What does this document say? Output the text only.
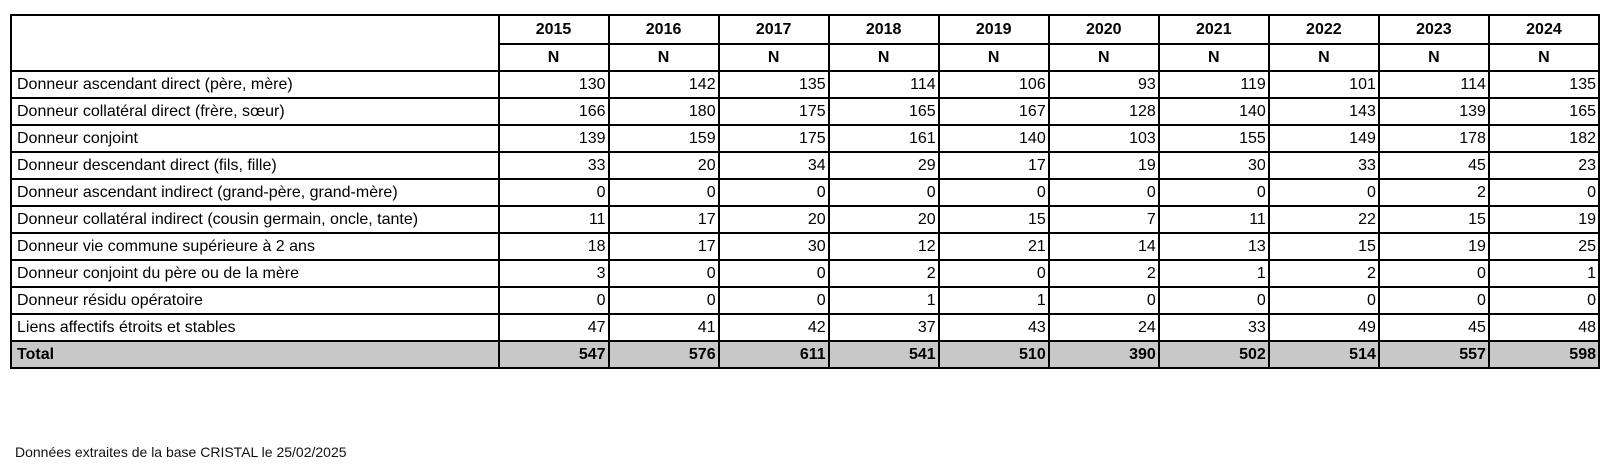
	2015	2016	2017	2018	2019	2020	2021	2022	2023	2024
	N	N	N	N	N	N	N	N	N	N
Donneur ascendant direct (père, mère)	130	142	135	114	106	93	119	101	114	135
Donneur collatéral direct (frère, sœur)	166	180	175	165	167	128	140	143	139	165
Donneur conjoint	139	159	175	161	140	103	155	149	178	182
Donneur descendant direct (fils, fille)	33	20	34	29	17	19	30	33	45	23
Donneur ascendant indirect (grand-père, grand-mère)	0	0	0	0	0	0	0	0	2	0
Donneur collatéral indirect (cousin germain, oncle, tante)	11	17	20	20	15	7	11	22	15	19
Donneur vie commune supérieure à 2 ans	18	17	30	12	21	14	13	15	19	25
Donneur conjoint du père ou de la mère	3	0	0	2	0	2	1	2	0	1
Donneur résidu opératoire	0	0	0	1	1	0	0	0	0	0
Liens affectifs étroits et stables	47	41	42	37	43	24	33	49	45	48
Total	547	576	611	541	510	390	502	514	557	598
Données extraites de la base CRISTAL le 25/02/2025
